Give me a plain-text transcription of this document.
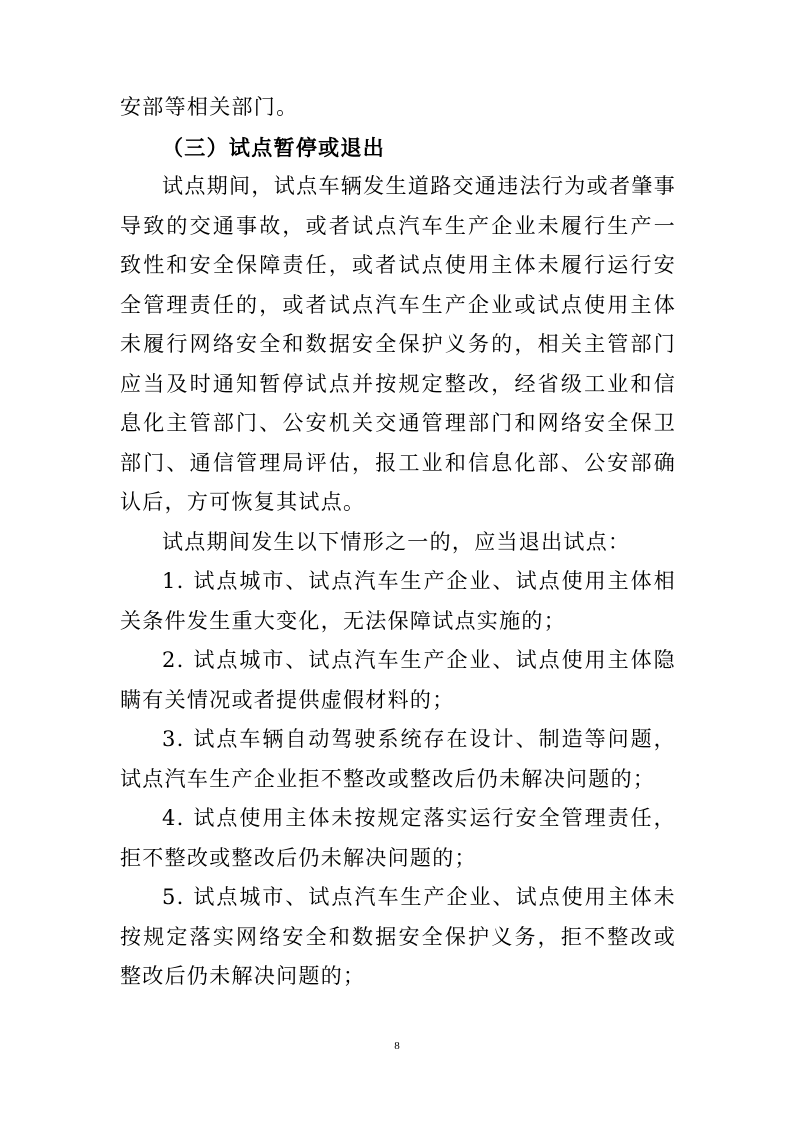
安部等相关部门。

（三）试点暂停或退出

试点期间，试点车辆发生道路交通违法行为或者肇事导致的交通事故，或者试点汽车生产企业未履行生产一致性和安全保障责任，或者试点使用主体未履行运行安全管理责任的，或者试点汽车生产企业或试点使用主体未履行网络安全和数据安全保护义务的，相关主管部门应当及时通知暂停试点并按规定整改，经省级工业和信息化主管部门、公安机关交通管理部门和网络安全保卫部门、通信管理局评估，报工业和信息化部、公安部确认后，方可恢复其试点。

试点期间发生以下情形之一的，应当退出试点：

1. 试点城市、试点汽车生产企业、试点使用主体相关条件发生重大变化，无法保障试点实施的；

2. 试点城市、试点汽车生产企业、试点使用主体隐瞒有关情况或者提供虚假材料的；

3. 试点车辆自动驾驶系统存在设计、制造等问题，试点汽车生产企业拒不整改或整改后仍未解决问题的；

4. 试点使用主体未按规定落实运行安全管理责任，拒不整改或整改后仍未解决问题的；

5. 试点城市、试点汽车生产企业、试点使用主体未按规定落实网络安全和数据安全保护义务，拒不整改或整改后仍未解决问题的；

8
